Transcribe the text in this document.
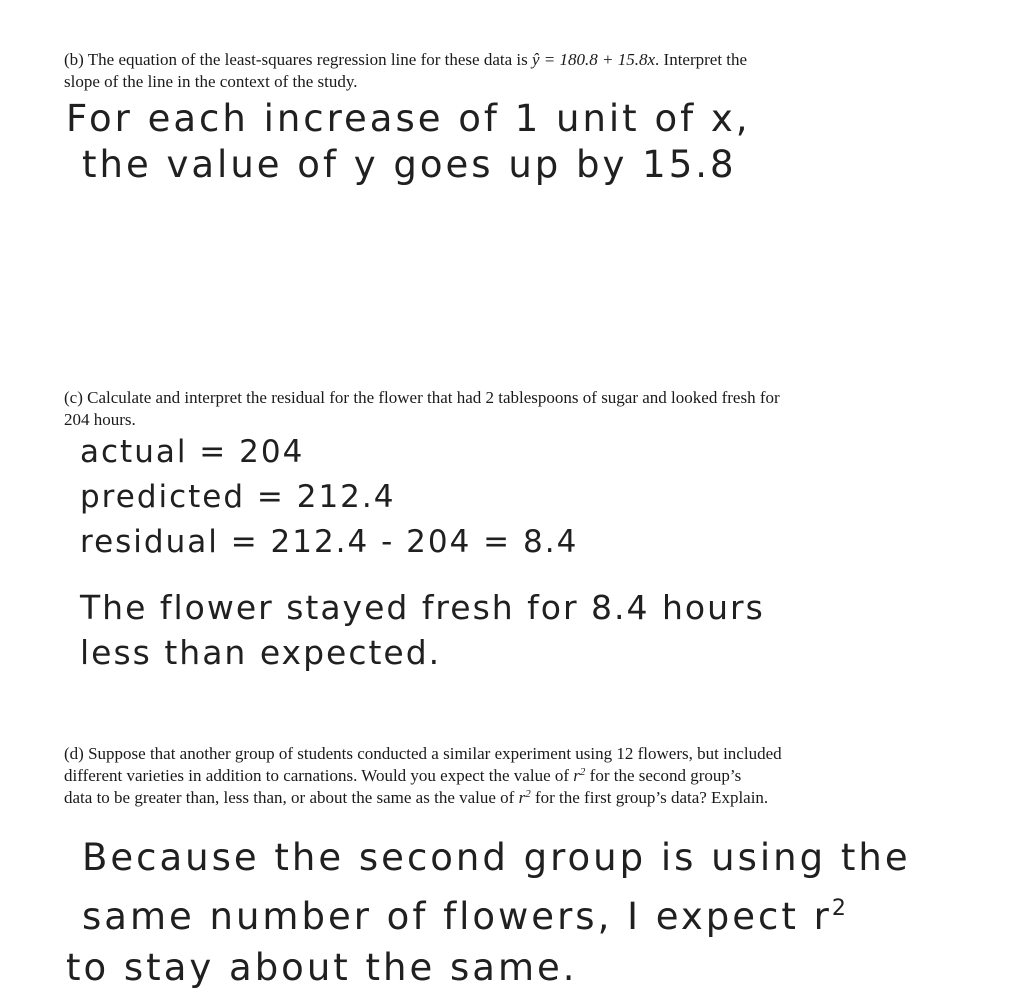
(b) The equation of the least-squares regression line for these data is ŷ = 180.8 + 15.8x. Interpret the
slope of the line in the context of the study.
For each increase of 1 unit of x,
the value of y goes up by 15.8
(c) Calculate and interpret the residual for the flower that had 2 tablespoons of sugar and looked fresh for
204 hours.
actual = 204
predicted = 212.4
residual = 212.4 - 204 = 8.4
The flower stayed fresh for 8.4 hours
less than expected.
(d) Suppose that another group of students conducted a similar experiment using 12 flowers, but included
different varieties in addition to carnations. Would you expect the value of $r^2$ for the second group’s
data to be greater than, less than, or about the same as the value of $r^2$ for the first group’s data? Explain.
Because the second group is using the
same number of flowers, I expect $r^2$
to stay about the same.
